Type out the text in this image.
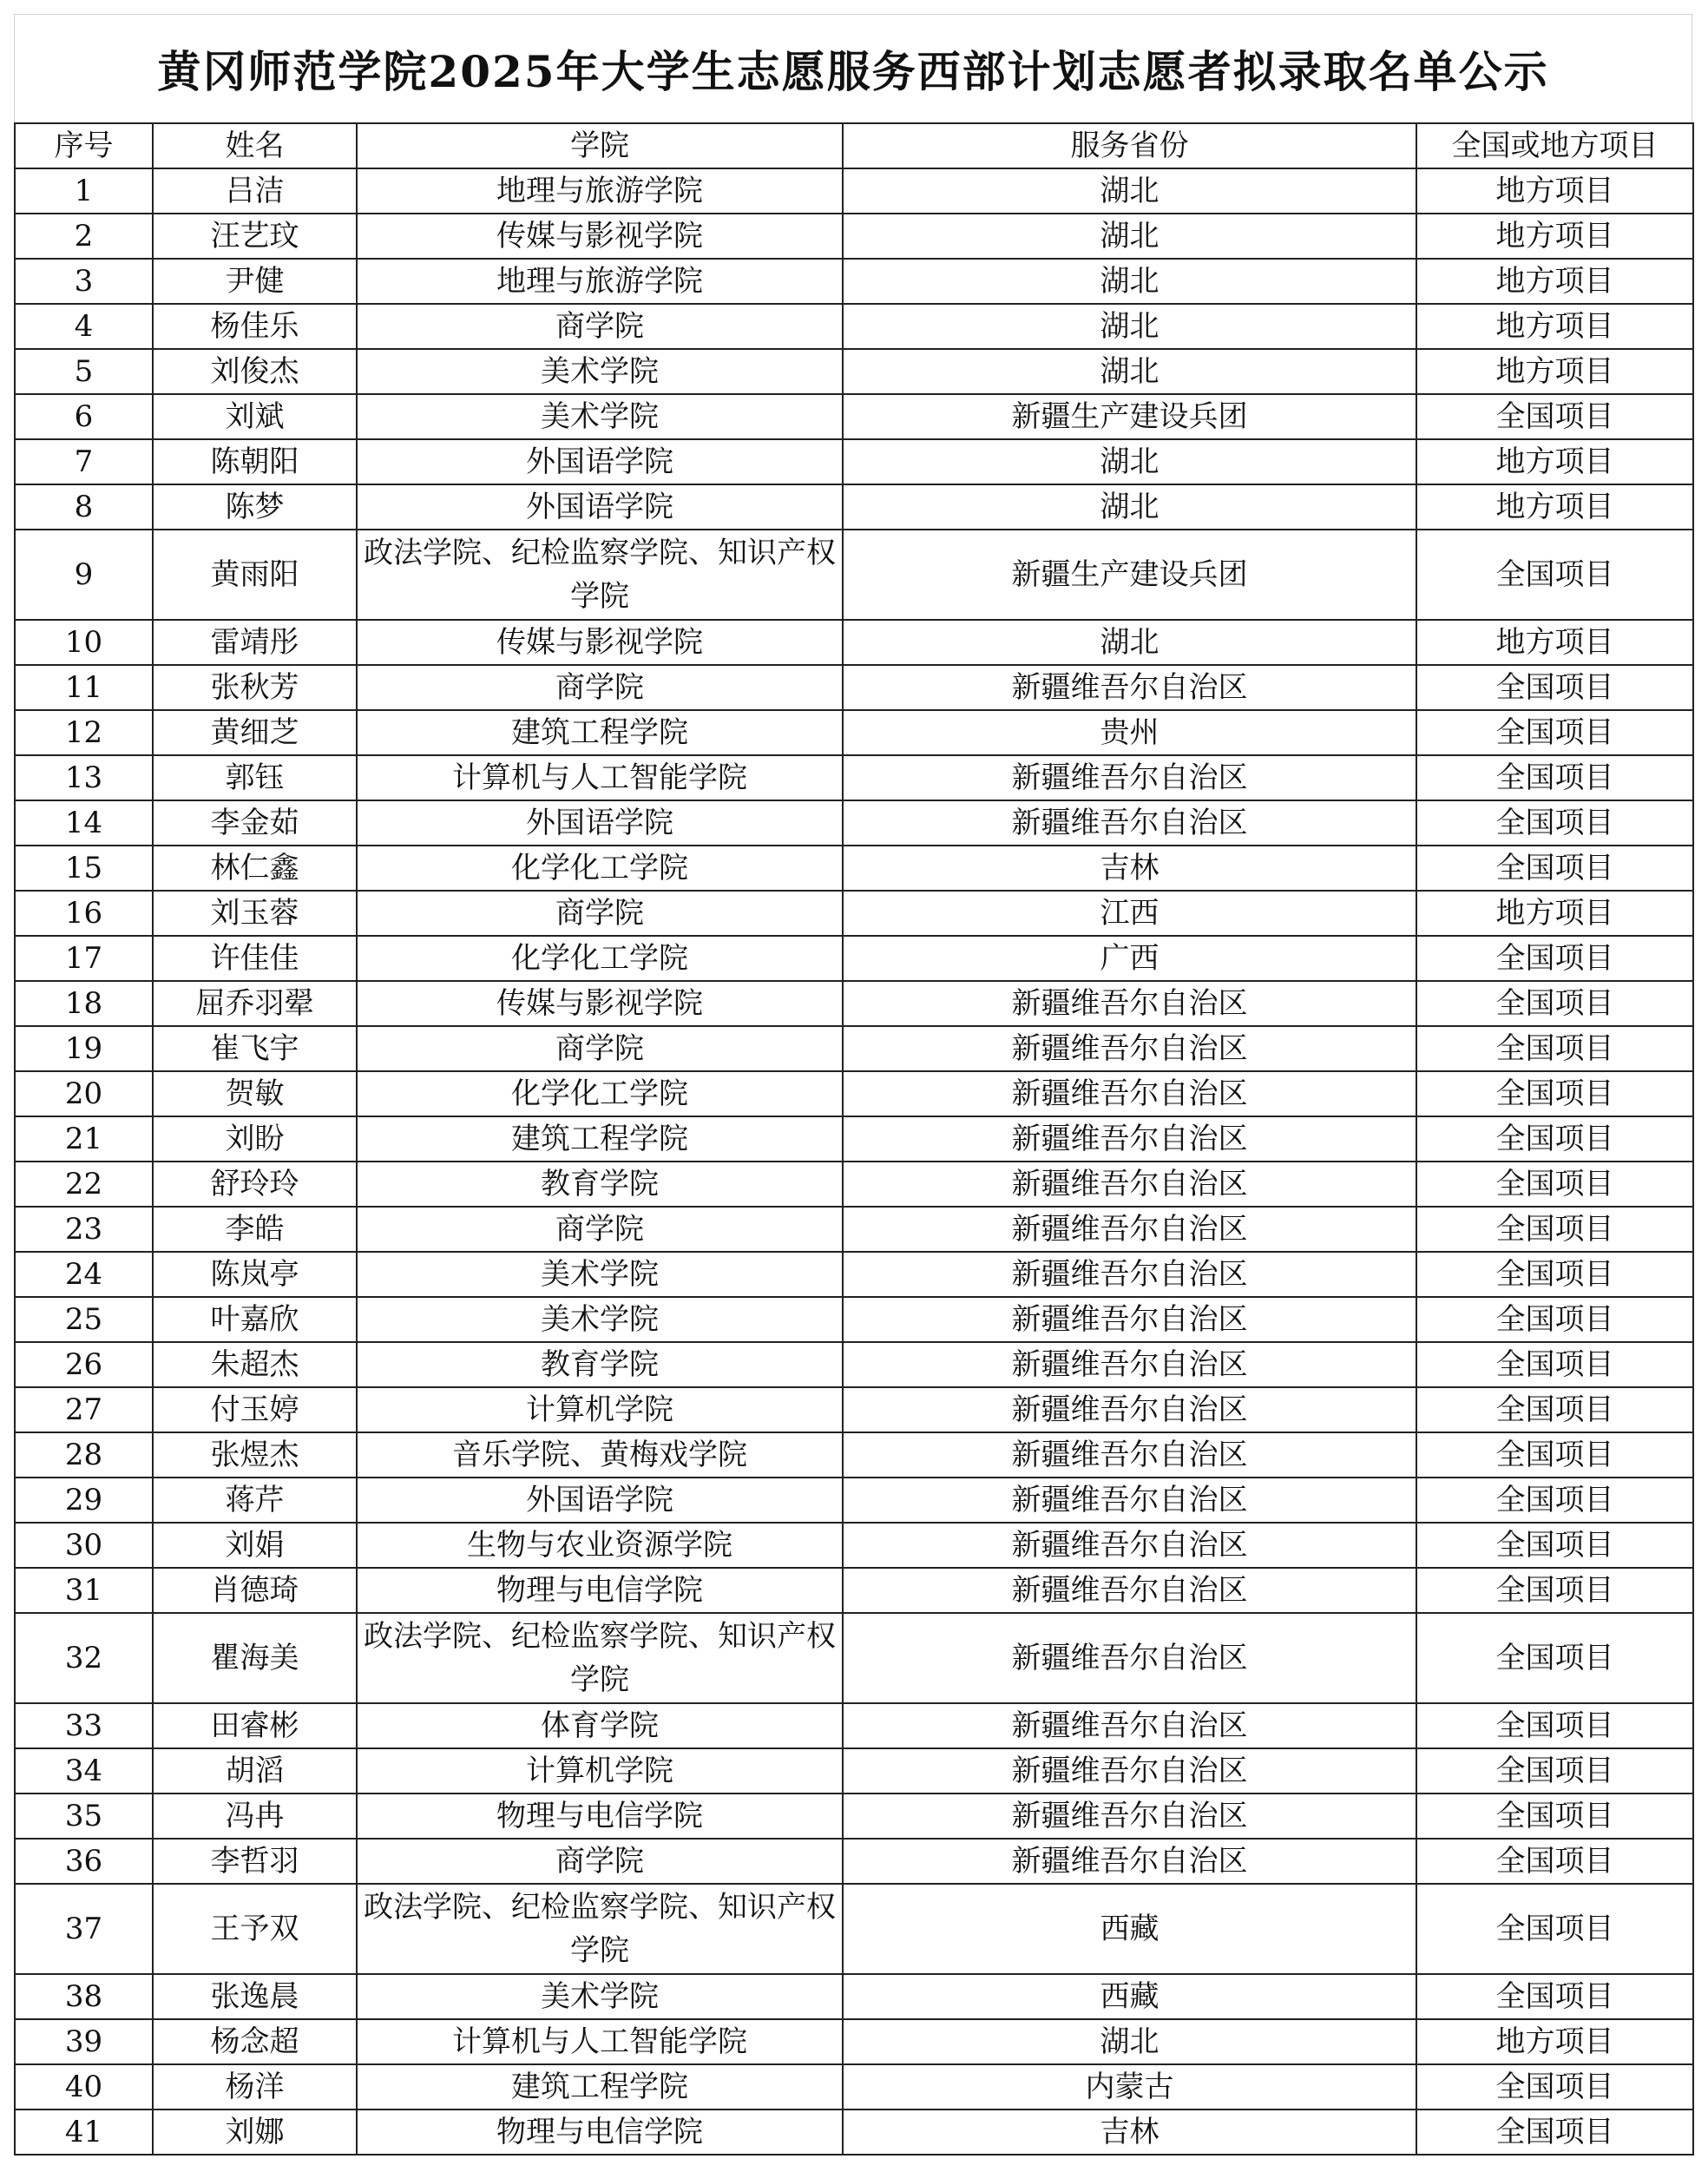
黄冈师范学院2025年大学生志愿服务西部计划志愿者拟录取名单公示
序号	姓名	学院	服务省份	全国或地方项目
1	吕洁	地理与旅游学院	湖北	地方项目
2	汪艺玟	传媒与影视学院	湖北	地方项目
3	尹健	地理与旅游学院	湖北	地方项目
4	杨佳乐	商学院	湖北	地方项目
5	刘俊杰	美术学院	湖北	地方项目
6	刘斌	美术学院	新疆生产建设兵团	全国项目
7	陈朝阳	外国语学院	湖北	地方项目
8	陈梦	外国语学院	湖北	地方项目
9	黄雨阳	政法学院、纪检监察学院、知识产权学院	新疆生产建设兵团	全国项目
10	雷靖彤	传媒与影视学院	湖北	地方项目
11	张秋芳	商学院	新疆维吾尔自治区	全国项目
12	黄细芝	建筑工程学院	贵州	全国项目
13	郭钰	计算机与人工智能学院	新疆维吾尔自治区	全国项目
14	李金茹	外国语学院	新疆维吾尔自治区	全国项目
15	林仁鑫	化学化工学院	吉林	全国项目
16	刘玉蓉	商学院	江西	地方项目
17	许佳佳	化学化工学院	广西	全国项目
18	屈乔羽翚	传媒与影视学院	新疆维吾尔自治区	全国项目
19	崔飞宇	商学院	新疆维吾尔自治区	全国项目
20	贺敏	化学化工学院	新疆维吾尔自治区	全国项目
21	刘盼	建筑工程学院	新疆维吾尔自治区	全国项目
22	舒玲玲	教育学院	新疆维吾尔自治区	全国项目
23	李皓	商学院	新疆维吾尔自治区	全国项目
24	陈岚亭	美术学院	新疆维吾尔自治区	全国项目
25	叶嘉欣	美术学院	新疆维吾尔自治区	全国项目
26	朱超杰	教育学院	新疆维吾尔自治区	全国项目
27	付玉婷	计算机学院	新疆维吾尔自治区	全国项目
28	张煜杰	音乐学院、黄梅戏学院	新疆维吾尔自治区	全国项目
29	蒋芹	外国语学院	新疆维吾尔自治区	全国项目
30	刘娟	生物与农业资源学院	新疆维吾尔自治区	全国项目
31	肖德琦	物理与电信学院	新疆维吾尔自治区	全国项目
32	瞿海美	政法学院、纪检监察学院、知识产权学院	新疆维吾尔自治区	全国项目
33	田睿彬	体育学院	新疆维吾尔自治区	全国项目
34	胡滔	计算机学院	新疆维吾尔自治区	全国项目
35	冯冉	物理与电信学院	新疆维吾尔自治区	全国项目
36	李哲羽	商学院	新疆维吾尔自治区	全国项目
37	王予双	政法学院、纪检监察学院、知识产权学院	西藏	全国项目
38	张逸晨	美术学院	西藏	全国项目
39	杨念超	计算机与人工智能学院	湖北	地方项目
40	杨洋	建筑工程学院	内蒙古	全国项目
41	刘娜	物理与电信学院	吉林	全国项目
